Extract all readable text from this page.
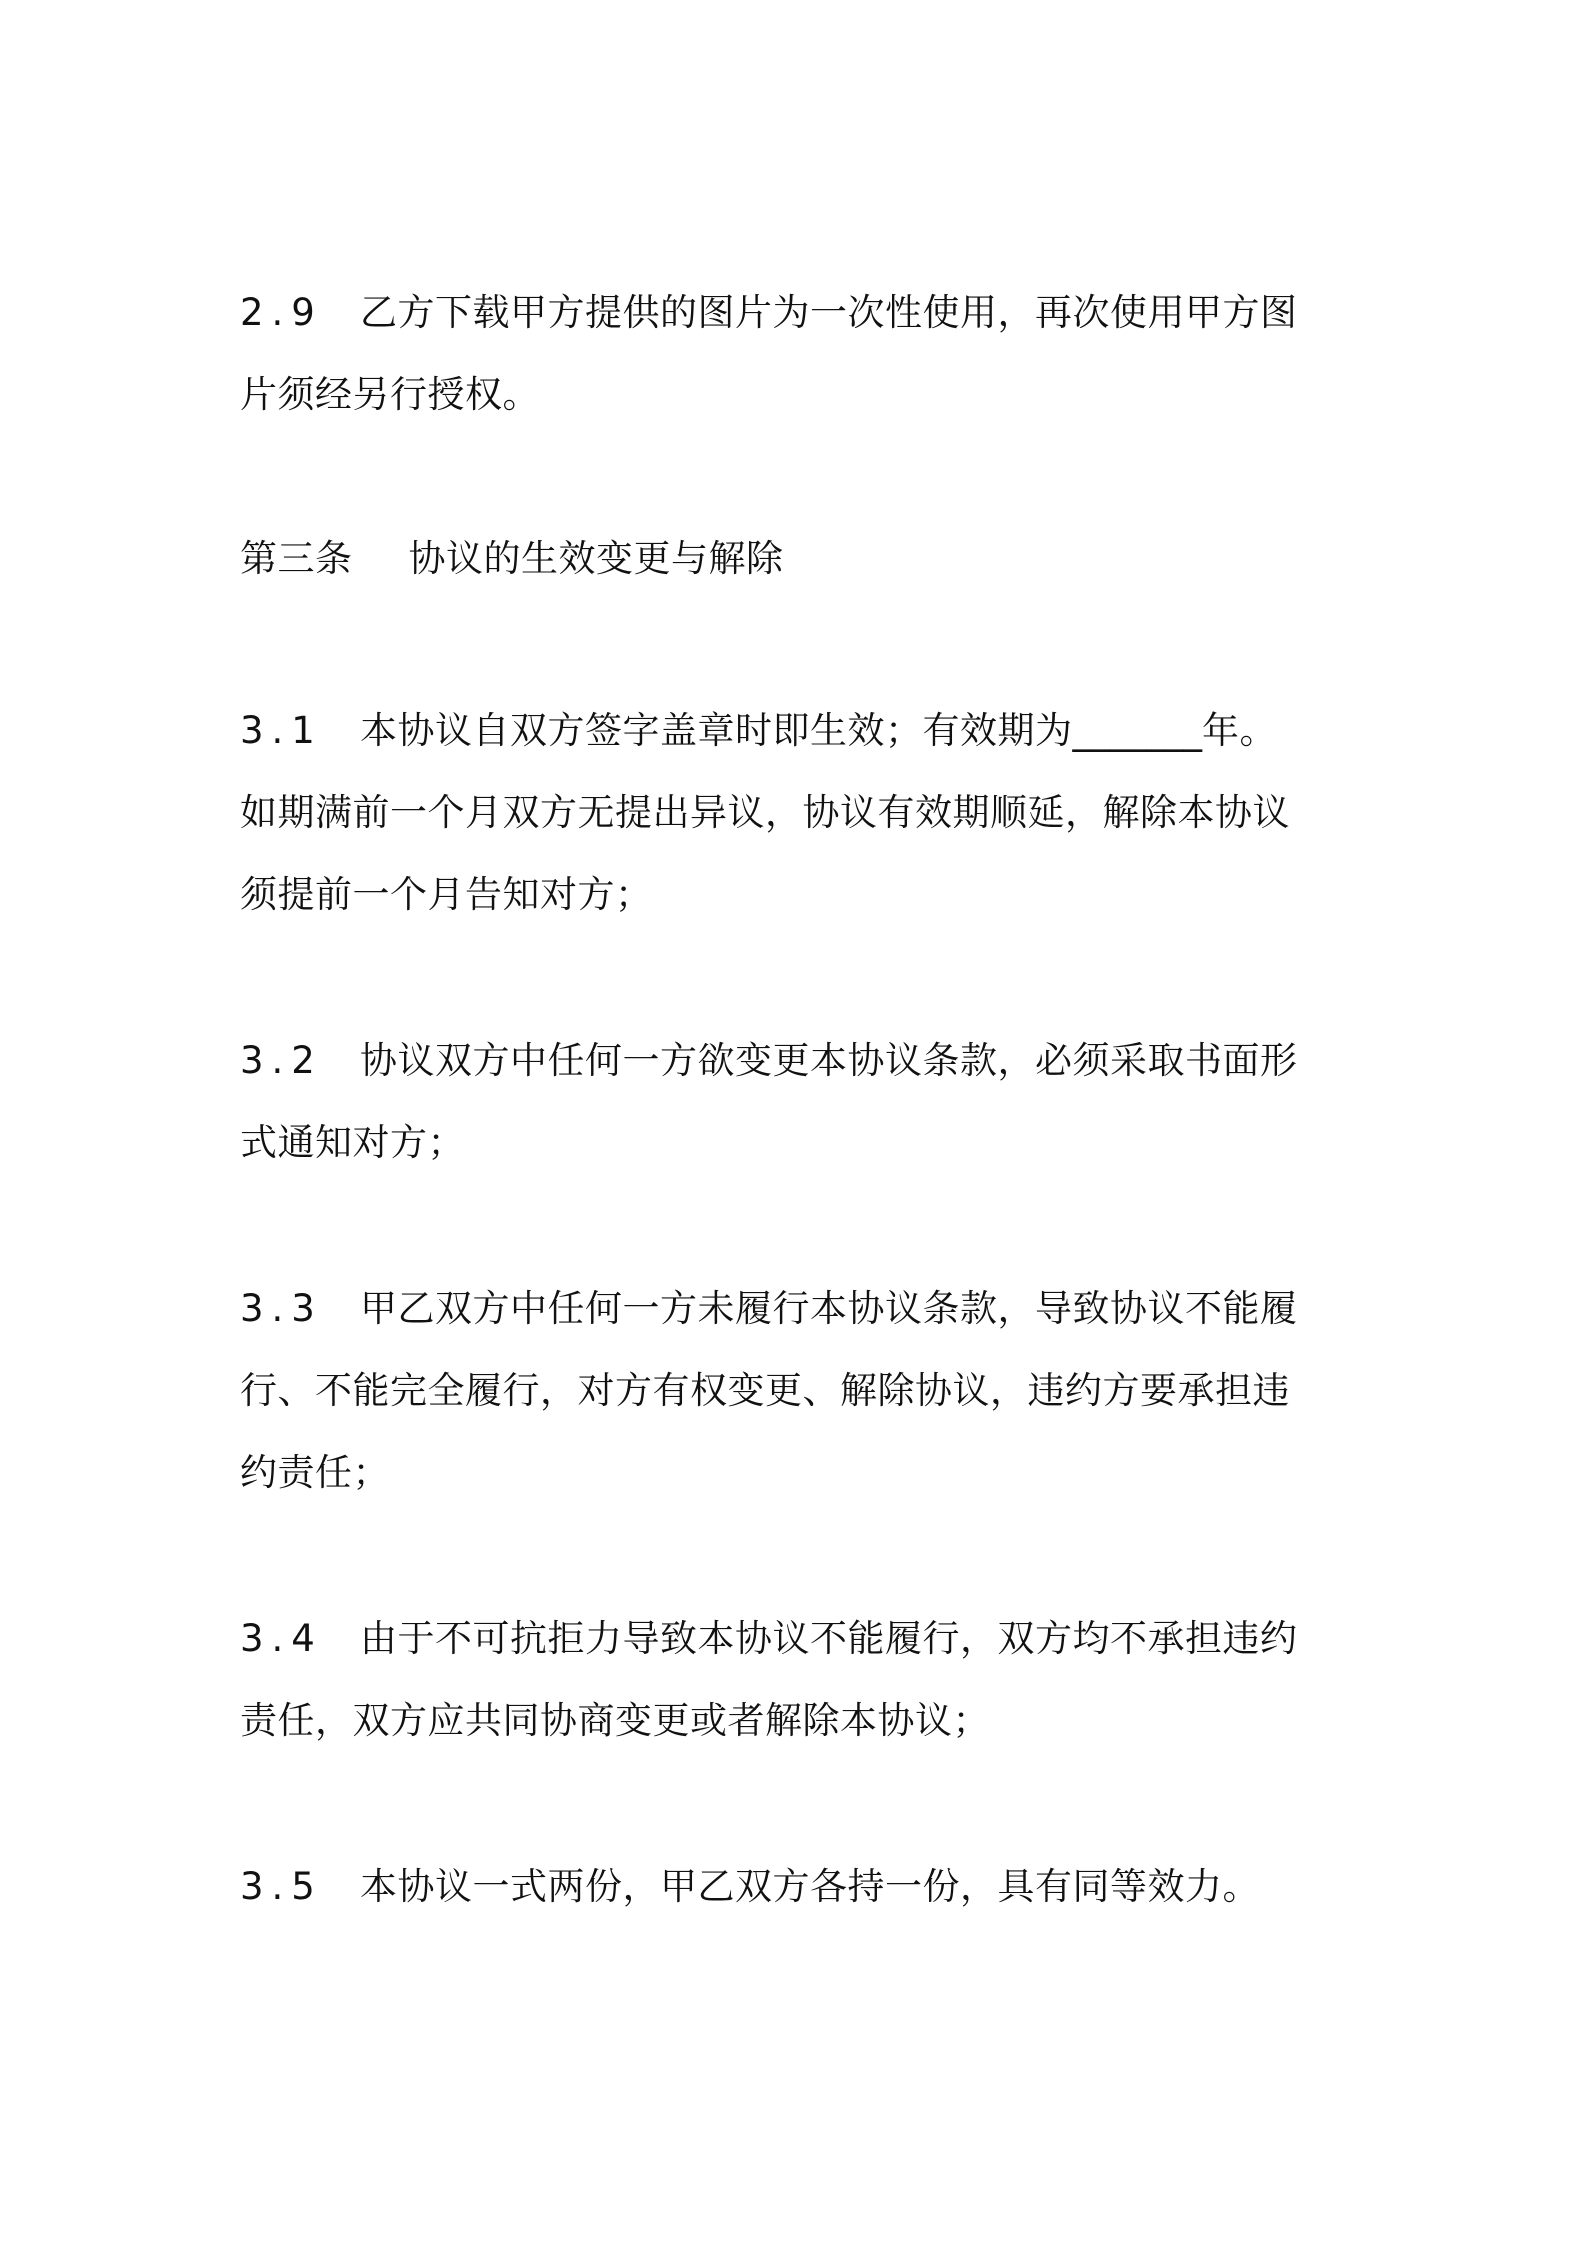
2.9 乙方下载甲方提供的图片为一次性使用，再次使用甲方图
片须经另行授权。
第三条 协议的生效变更与解除
3.1 本协议自双方签字盖章时即生效；有效期为_______年。
如期满前一个月双方无提出异议，协议有效期顺延，解除本协议
须提前一个月告知对方；
3.2 协议双方中任何一方欲变更本协议条款，必须采取书面形
式通知对方；
3.3 甲乙双方中任何一方未履行本协议条款，导致协议不能履
行、不能完全履行，对方有权变更、解除协议，违约方要承担违
约责任；
3.4 由于不可抗拒力导致本协议不能履行，双方均不承担违约
责任，双方应共同协商变更或者解除本协议；
3.5 本协议一式两份，甲乙双方各持一份，具有同等效力。
